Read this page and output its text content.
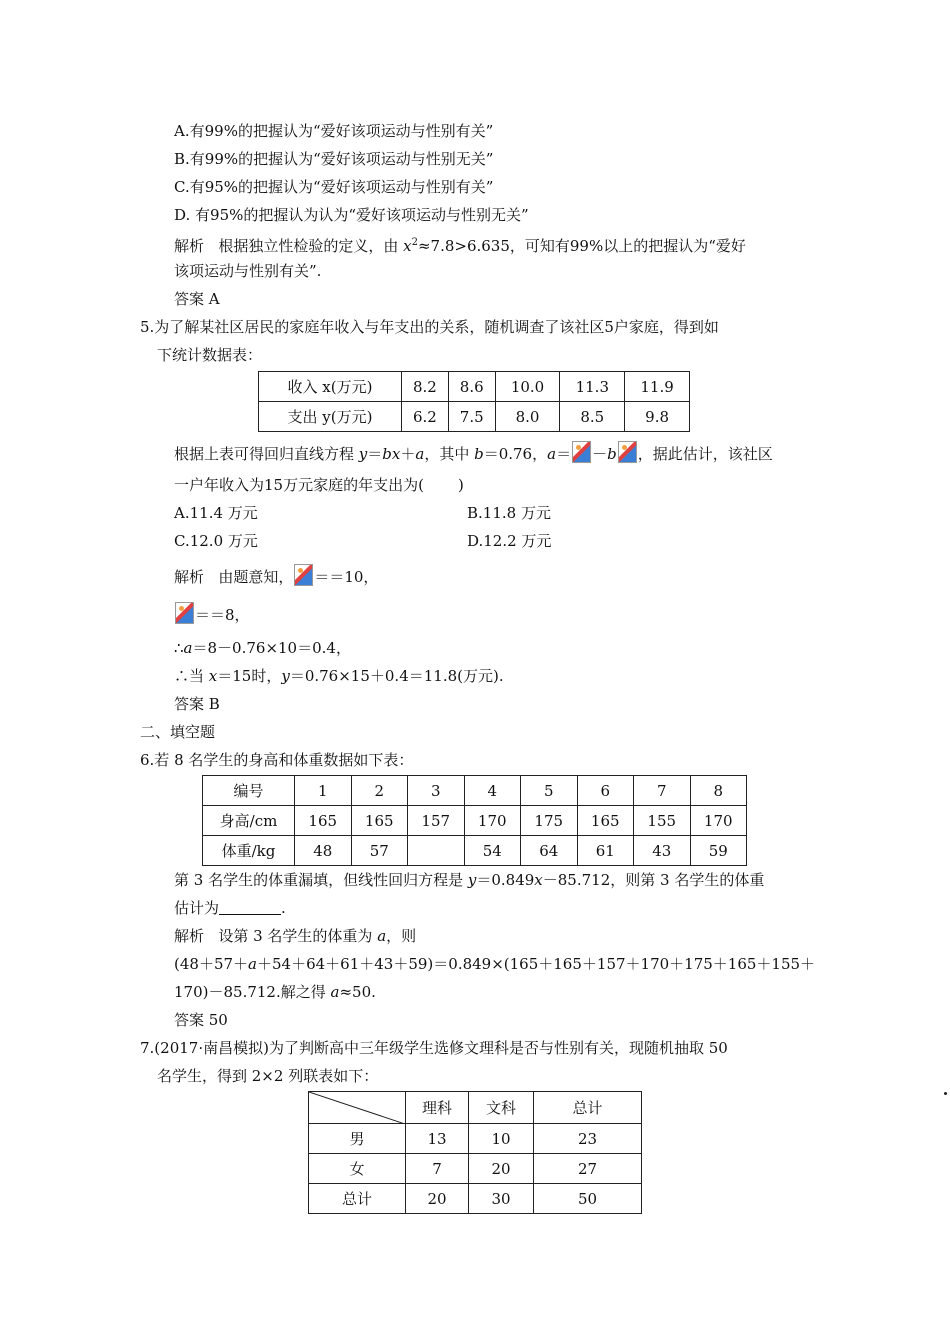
A.有99%的把握认为“爱好该项运动与性别有关”
B.有99%的把握认为“爱好该项运动与性别无关”
C.有95%的把握认为“爱好该项运动与性别有关”
D. 有95%的把握认为认为“爱好该项运动与性别无关”
解析 根据独立性检验的定义，由 $x^2\approx 7.8>6.635$，可知有99%以上的把握认为“爱好
该项运动与性别有关”.
答案 A
5.为了解某社区居民的家庭年收入与年支出的关系，随机调查了该社区5户家庭，得到如
下统计数据表：
收入 x(万元)	8.2	8.6	10.0	11.3	11.9
支出 y(万元)	6.2	7.5	8.0	8.5	9.8
根据上表可得回归直线方程 y＝bx＋a，其中 b＝0.76，a＝ －b ，据此估计，该社区
一户年收入为15万元家庭的年支出为( )
A.11.4 万元	B.11.8 万元
C.12.0 万元	D.12.2 万元
解析 由题意知， ＝＝10，
＝＝8，
∴a＝8－0.76×10＝0.4，
∴当 x＝15时，y＝0.76×15＋0.4＝11.8(万元).
答案 B
二、填空题
6.若 8 名学生的身高和体重数据如下表：
编号	1	2	3	4	5	6	7	8
身高/cm	165	165	157	170	175	165	155	170
体重/kg	48	57		54	64	61	43	59
第 3 名学生的体重漏填，但线性回归方程是 y＝0.849x－85.712，则第 3 名学生的体重
估计为	.
解析 设第 3 名学生的体重为 a，则
(48＋57＋a＋54＋64＋61＋43＋59)＝0.849×(165＋165＋157＋170＋175＋165＋155＋
170)－85.712.解之得 a≈50.
答案 50
7.(2017·南昌模拟)为了判断高中三年级学生选修文理科是否与性别有关，现随机抽取 50
名学生，得到 2×2 列联表如下：
	理科	文科	总计
男	13	10	23
女	7	20	27
总计	20	30	50
